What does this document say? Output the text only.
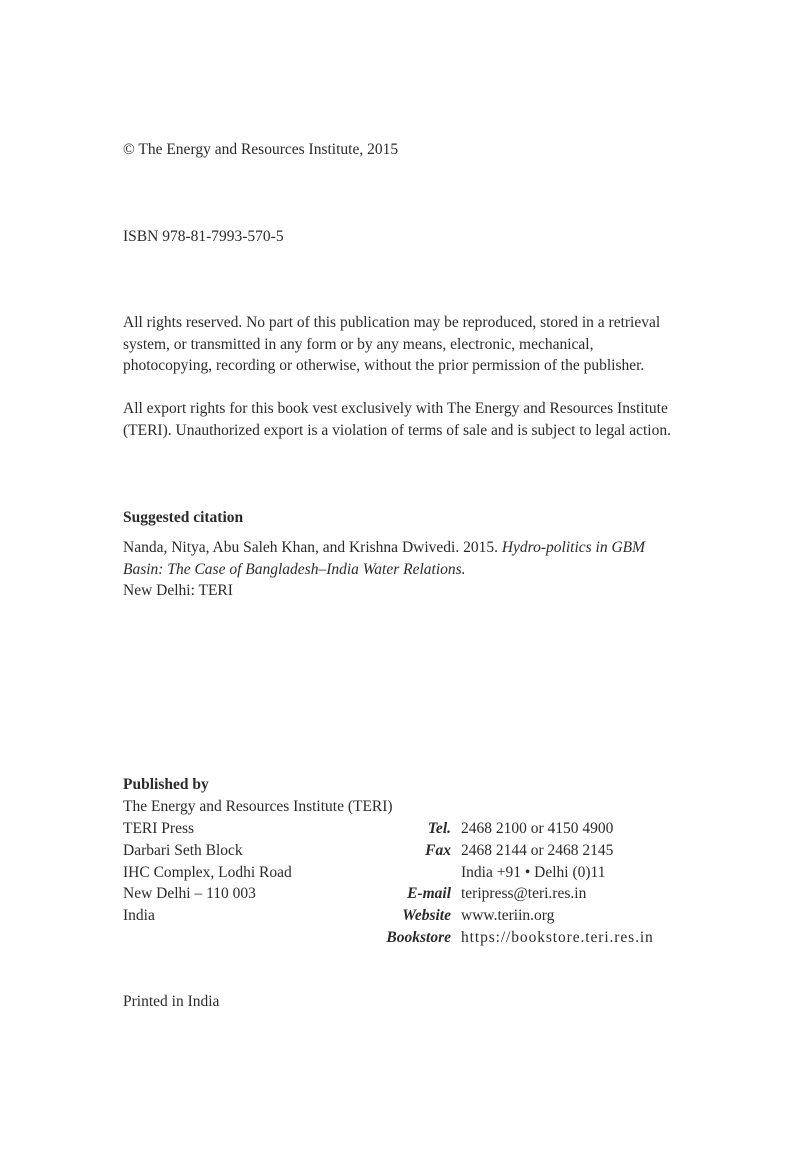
© The Energy and Resources Institute, 2015
ISBN 978-81-7993-570-5
All rights reserved. No part of this publication may be reproduced, stored in a retrieval system, or transmitted in any form or by any means, electronic, mechanical, photocopying, recording or otherwise, without the prior permission of the publisher.
All export rights for this book vest exclusively with The Energy and Resources Institute (TERI). Unauthorized export is a violation of terms of sale and is subject to legal action.
Suggested citation
Nanda, Nitya, Abu Saleh Khan, and Krishna Dwivedi. 2015. Hydro-politics in GBM Basin: The Case of Bangladesh–India Water Relations.
New Delhi: TERI
Published by
The Energy and Resources Institute (TERI)
TERI Press	Tel. 2468 2100 or 4150 4900
Darbari Seth Block	Fax 2468 2144 or 2468 2145
IHC Complex, Lodhi Road	India +91 • Delhi (0)11
New Delhi – 110 003	E-mail teripress@teri.res.in
India	Website www.teriin.org
Bookstore https://bookstore.teri.res.in
Printed in India
